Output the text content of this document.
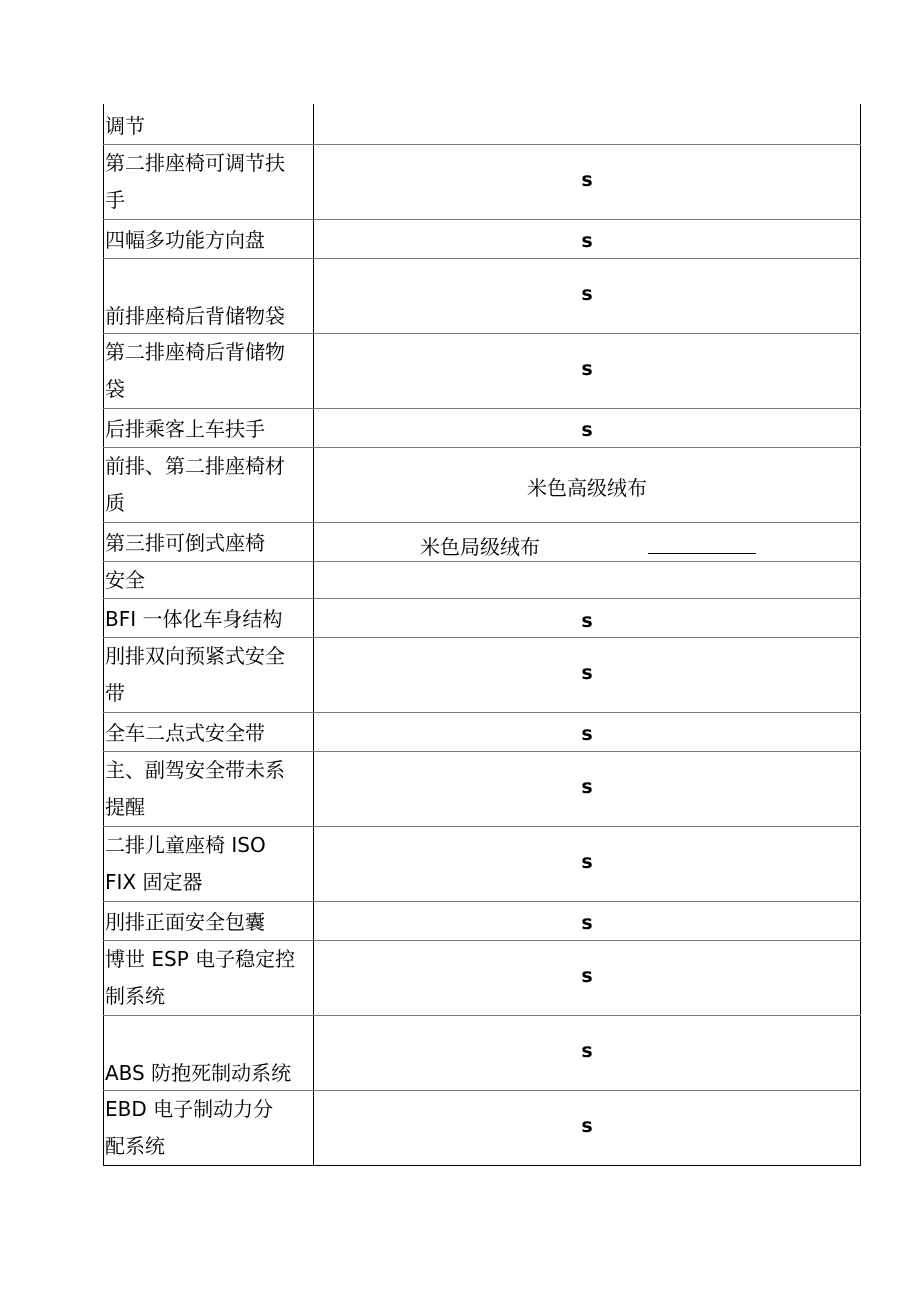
调节	

第二排座椅可调节扶
手	s

四幅多功能方向盘	s

前排座椅后背储物袋	s

第二排座椅后背储物
袋	s

后排乘客上车扶手	s

前排、第二排座椅材
质	米色高级绒布

第三排可倒式座椅	米色局级绒布

安全	

BFI 一体化车身结构	s

刖排双向预紧式安全
带	s

全车二点式安全带	s

主、副驾安全带未系
提醒	s

二排儿童座椅 ISO
FIX 固定器	s

刖排正面安全包囊	s

博世 ESP 电子稳定控
制系统	s

ABS 防抱死制动系统	s

EBD 电子制动力分
配系统	s
